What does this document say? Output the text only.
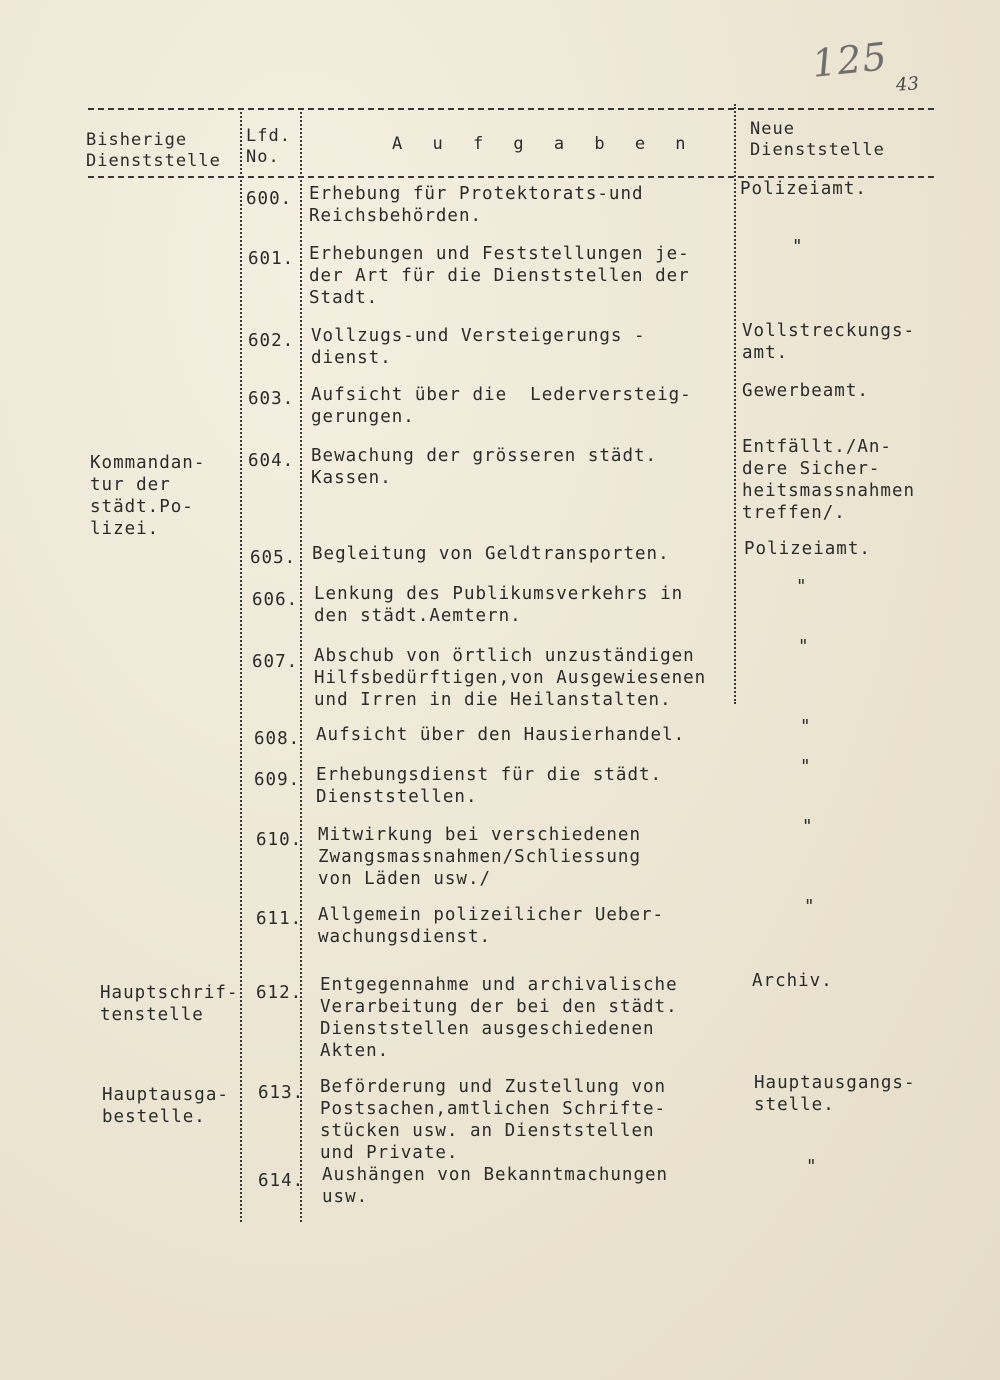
125 43
Bisherige
Dienststelle
Lfd.
No.
A u f g a b e n
Neue
Dienststelle
Kommandan-
tur der
städt.Po-
lizei.
Hauptschrif-
tenstelle
Hauptausga-
bestelle.
600. Erhebung für Protektorats-und
Reichsbehörden.
Polizeiamt.
601. Erhebungen und Feststellungen je-
der Art für die Dienststellen der
Stadt.
"
602. Vollzugs-und Versteigerungs -
dienst.
Vollstreckungs-
amt.
603. Aufsicht über die  Lederversteig-
gerungen.
Gewerbeamt.
604. Bewachung der grösseren städt.
Kassen.
Entfällt./An-
dere Sicher-
heitsmassnahmen
treffen/.
605. Begleitung von Geldtransporten.	Polizeiamt.
606. Lenkung des Publikumsverkehrs in
den städt.Aemtern.
"
607. Abschub von örtlich unzuständigen
Hilfsbedürftigen,von Ausgewiesenen
und Irren in die Heilanstalten.
"
608. Aufsicht über den Hausierhandel.	"
609. Erhebungsdienst für die städt.
Dienststellen.
"
610. Mitwirkung bei verschiedenen
Zwangsmassnahmen/Schliessung
von Läden usw./
"
611. Allgemein polizeilicher Ueber-
wachungsdienst.
"
612. Entgegennahme und archivalische
Verarbeitung der bei den städt.
Dienststellen ausgeschiedenen
Akten.
Archiv.
613. Beförderung und Zustellung von
Postsachen,amtlichen Schrifte-
stücken usw. an Dienststellen
und Private.
Hauptausgangs-
stelle.
614. Aushängen von Bekanntmachungen
usw.
"
